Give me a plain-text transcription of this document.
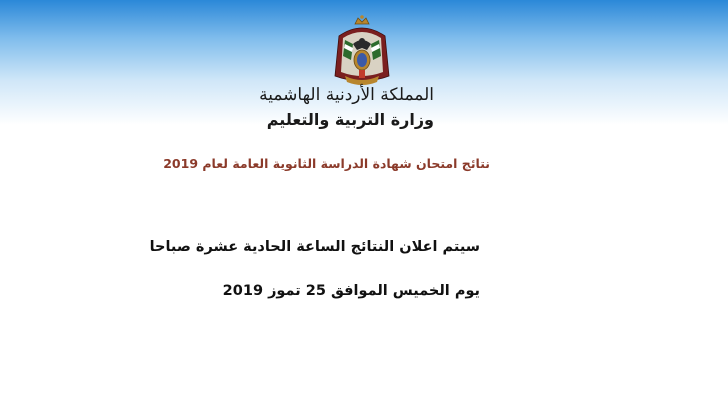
المملكة الأردنية الهاشمية
وزارة التربية والتعليم
نتائج امتحان شهادة الدراسة الثانوية العامة لعام 2019
سيتم اعلان النتائج الساعة الحادية عشرة صباحا
يوم الخميس الموافق 25 تموز 2019
